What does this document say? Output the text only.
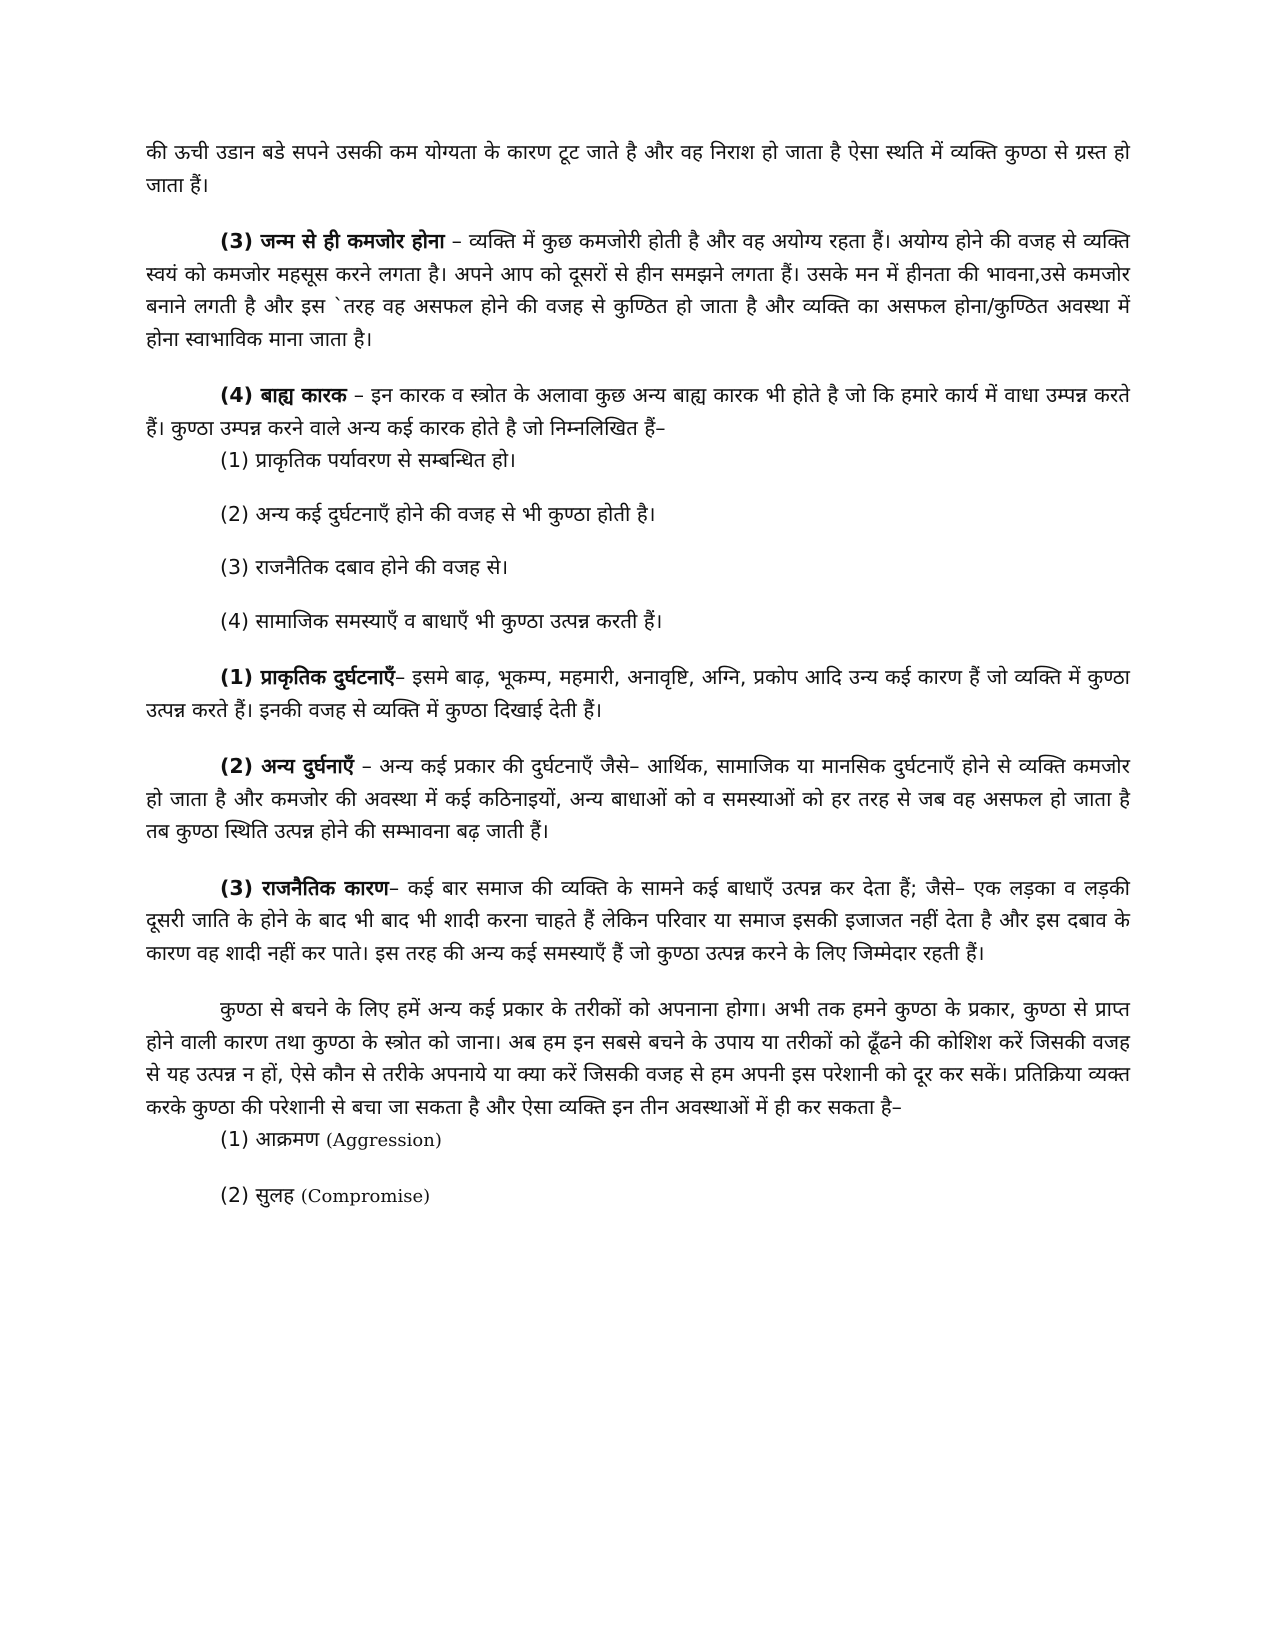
की ऊची उडान बडे सपने उसकी कम योग्यता के कारण टूट जाते है और वह निराश हो जाता है ऐसा स्थति में व्यक्ति कुण्ठा से ग्रस्त हो जाता हैं।

(3) जन्म से ही कमजोर होना – व्यक्ति में कुछ कमजोरी होती है और वह अयोग्य रहता हैं। अयोग्य होने की वजह से व्यक्ति स्वयं को कमजोर महसूस करने लगता है। अपने आप को दूसरों से हीन समझने लगता हैं। उसके मन में हीनता की भावना,उसे कमजोर बनाने लगती है और इस `तरह वह असफल होने की वजह से कुण्ठित हो जाता है और व्यक्ति का असफल होना/कुण्ठित अवस्था में होना स्वाभाविक माना जाता है।

(4) बाह्य कारक – इन कारक व स्त्रोत के अलावा कुछ अन्य बाह्य कारक भी होते है जो कि हमारे कार्य में वाधा उम्पन्न करते हैं। कुण्ठा उम्पन्न करने वाले अन्य कई कारक होते है जो निम्नलिखित हैं–

(1) प्राकृतिक पर्यावरण से सम्बन्धित हो।

(2) अन्य कई दुर्घटनाएँ होने की वजह से भी कुण्ठा होती है।

(3) राजनैतिक दबाव होने की वजह से।

(4) सामाजिक समस्याएँ व बाधाएँ भी कुण्ठा उत्पन्न करती हैं।

(1) प्राकृतिक दुर्घटनाएँ– इसमे बाढ़, भूकम्प, महमारी, अनावृष्टि, अग्नि, प्रकोप आदि उन्य कई कारण हैं जो व्यक्ति में कुण्ठा उत्पन्न करते हैं। इनकी वजह से व्यक्ति में कुण्ठा दिखाई देती हैं।

(2) अन्य दुर्घनाएँ – अन्य कई प्रकार की दुर्घटनाएँ जैसे– आर्थिक, सामाजिक या मानसिक दुर्घटनाएँ होने से व्यक्ति कमजोर हो जाता है और कमजोर की अवस्था में कई कठिनाइयों, अन्य बाधाओं को व समस्याओं को हर तरह से जब वह असफल हो जाता है तब कुण्ठा स्थिति उत्पन्न होने की सम्भावना बढ़ जाती हैं।

(3) राजनैतिक कारण– कई बार समाज की व्यक्ति के सामने कई बाधाएँ उत्पन्न कर देता हैं; जैसे– एक लड़का व लड़की दूसरी जाति के होने के बाद भी बाद भी शादी करना चाहते हैं लेकिन परिवार या समाज इसकी इजाजत नहीं देता है और इस दबाव के कारण वह शादी नहीं कर पाते। इस तरह की अन्य कई समस्याएँ हैं जो कुण्ठा उत्पन्न करने के लिए जिम्मेदार रहती हैं।

कुण्ठा से बचने के लिए हमें अन्य कई प्रकार के तरीकों को अपनाना होगा। अभी तक हमने कुण्ठा के प्रकार, कुण्ठा से प्राप्त होने वाली कारण तथा कुण्ठा के स्त्रोत को जाना। अब हम इन सबसे बचने के उपाय या तरीकों को ढूँढने की कोशिश करें जिसकी वजह से यह उत्पन्न न हों, ऐसे कौन से तरीके अपनाये या क्या करें जिसकी वजह से हम अपनी इस परेशानी को दूर कर सकें। प्रतिक्रिया व्यक्त करके कुण्ठा की परेशानी से बचा जा सकता है और ऐसा व्यक्ति इन तीन अवस्थाओं में ही कर सकता है–

(1) आक्रमण (Aggression)

(2) सुलह (Compromise)
